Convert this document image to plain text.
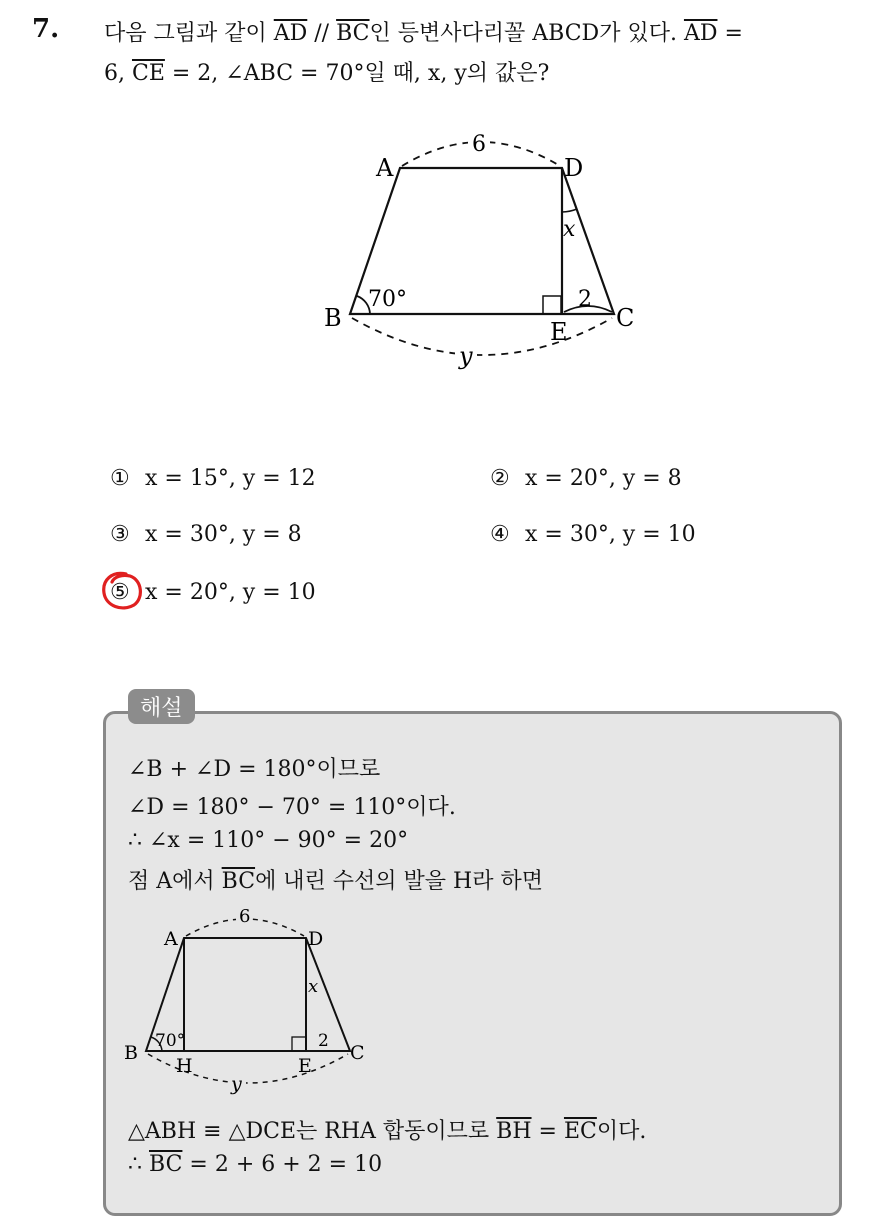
7. 다음 그림과 같이 $\overline{AD} // \overline{BC}$인 등변사다리꼴 ABCD가 있다. $\overline{AD}$ =
6, $\overline{CE} = 2$, ∠ABC = 70°일 때, x, y의 값은?
A	D
B	C
E
6
70°
x
2
y
① x = 15°, y = 12	② x = 20°, y = 8
③ x = 30°, y = 8	④ x = 30°, y = 10
⑤ x = 20°, y = 10
해설
∠B + ∠D = 180°이므로
∠D = 180° − 70° = 110°이다.
∴ ∠x = 110° − 90° = 20°
점 A에서 $\overline{BC}$에 내린 수선의 발을 H라 하면
A	D
B	C
H	E
6
70°
x
2
y
△ABH ≡ △DCE는 RHA 합동이므로 $\overline{BH} = \overline{EC}$이다.
∴ $\overline{BC} = 2 + 6 + 2 = 10$
